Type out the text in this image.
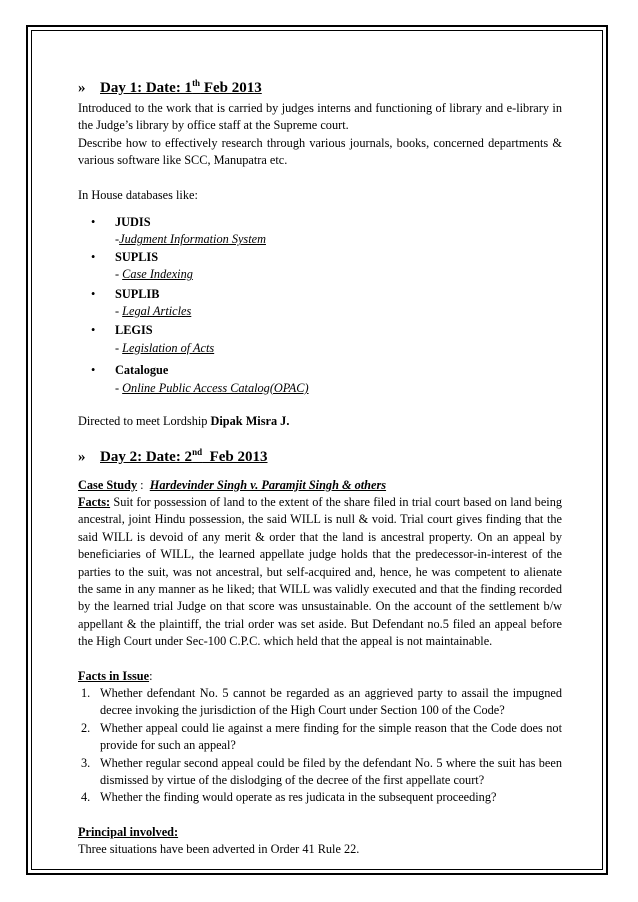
» Day 1: Date: 1th Feb 2013

Introduced to the work that is carried by judges interns and functioning of library and e-library in the Judge’s library by office staff at the Supreme court.

Describe how to effectively research through various journals, books, concerned departments & various software like SCC, Manupatra etc.

In House databases like:

• JUDIS
-Judgment Information System
• SUPLIS
- Case Indexing
• SUPLIB
- Legal Articles
• LEGIS
- Legislation of Acts
• Catalogue
- Online Public Access Catalog(OPAC)

Directed to meet Lordship Dipak Misra J.

» Day 2: Date: 2nd  Feb 2013

Case Study :  Hardevinder Singh v. Paramjit Singh & others

Facts: Suit for possession of land to the extent of the share filed in trial court based on land being ancestral, joint Hindu possession, the said WILL is null & void. Trial court gives finding that the said WILL is devoid of any merit & order that the land is ancestral property. On an appeal by beneficiaries of WILL, the learned appellate judge holds that the predecessor-in-interest of the parties to the suit, was not ancestral, but self-acquired and, hence, he was competent to alienate the same in any manner as he liked; that WILL was validly executed and that the finding recorded by the learned trial Judge on that score was unsustainable. On the account of the settlement b/w appellant & the plaintiff, the trial order was set aside. But Defendant no.5 filed an appeal before the High Court under Sec-100 C.P.C. which held that the appeal is not maintainable.

Facts in Issue:

1. Whether defendant No. 5 cannot be regarded as an aggrieved party to assail the impugned decree invoking the jurisdiction of the High Court under Section 100 of the Code?
2. Whether appeal could lie against a mere finding for the simple reason that the Code does not provide for such an appeal?
3. Whether regular second appeal could be filed by the defendant No. 5 where the suit has been dismissed by virtue of the dislodging of the decree of the first appellate court?
4. Whether the finding would operate as res judicata in the subsequent proceeding?

Principal involved:

Three situations have been adverted in Order 41 Rule 22.
